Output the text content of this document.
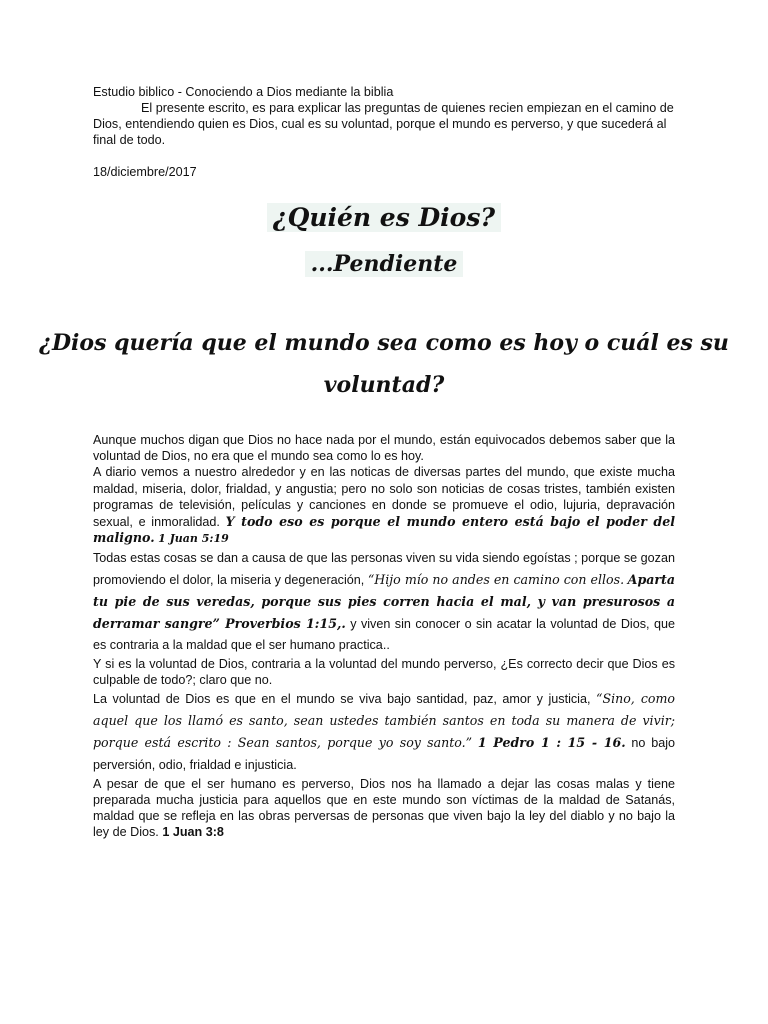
Estudio biblico - Conociendo a Dios mediante la biblia

El presente escrito, es para explicar las preguntas de quienes recien empiezan en el camino de Dios, entendiendo quien es Dios, cual es su voluntad, porque el mundo es perverso, y que sucederá al final de todo.

18/diciembre/2017

¿Quién es Dios?
...Pendiente
¿Dios quería que el mundo sea como es hoy o cuál es su
voluntad?

Aunque muchos digan que Dios no hace nada por el mundo, están equivocados debemos saber que la voluntad de Dios, no era que el mundo sea como lo es hoy.

A diario vemos a nuestro alrededor y en las noticas de diversas partes del mundo, que existe mucha maldad, miseria, dolor, frialdad, y angustia; pero no solo son noticias de cosas tristes, también existen programas de televisión, películas y canciones en donde se promueve el odio, lujuria, depravación sexual, e inmoralidad. Y todo eso es porque el mundo entero está bajo el poder del maligno. 1 Juan 5:19

Todas estas cosas se dan a causa de que las personas viven su vida siendo egoístas ; porque se gozan promoviendo el dolor, la miseria y degeneración, “Hijo mío no andes en camino con ellos. Aparta tu pie de sus veredas, porque sus pies corren hacia el mal, y van presurosos a derramar sangre” Proverbios 1:15,. y viven sin conocer o sin acatar la voluntad de Dios, que es contraria a la maldad que el ser humano practica..

Y si es la voluntad de Dios, contraria a la voluntad del mundo perverso, ¿Es correcto decir que Dios es culpable de todo?; claro que no.

La voluntad de Dios es que en el mundo se viva bajo santidad, paz, amor y justicia, “Sino, como aquel que los llamó es santo, sean ustedes también santos en toda su manera de vivir; porque está escrito : Sean santos, porque yo soy santo.” 1 Pedro 1 : 15 - 16. no bajo perversión, odio, frialdad e injusticia.

A pesar de que el ser humano es perverso, Dios nos ha llamado a dejar las cosas malas y tiene preparada mucha justicia para aquellos que en este mundo son víctimas de la maldad de Satanás, maldad que se refleja en las obras perversas de personas que viven bajo la ley del diablo y no bajo la ley de Dios. 1 Juan 3:8
